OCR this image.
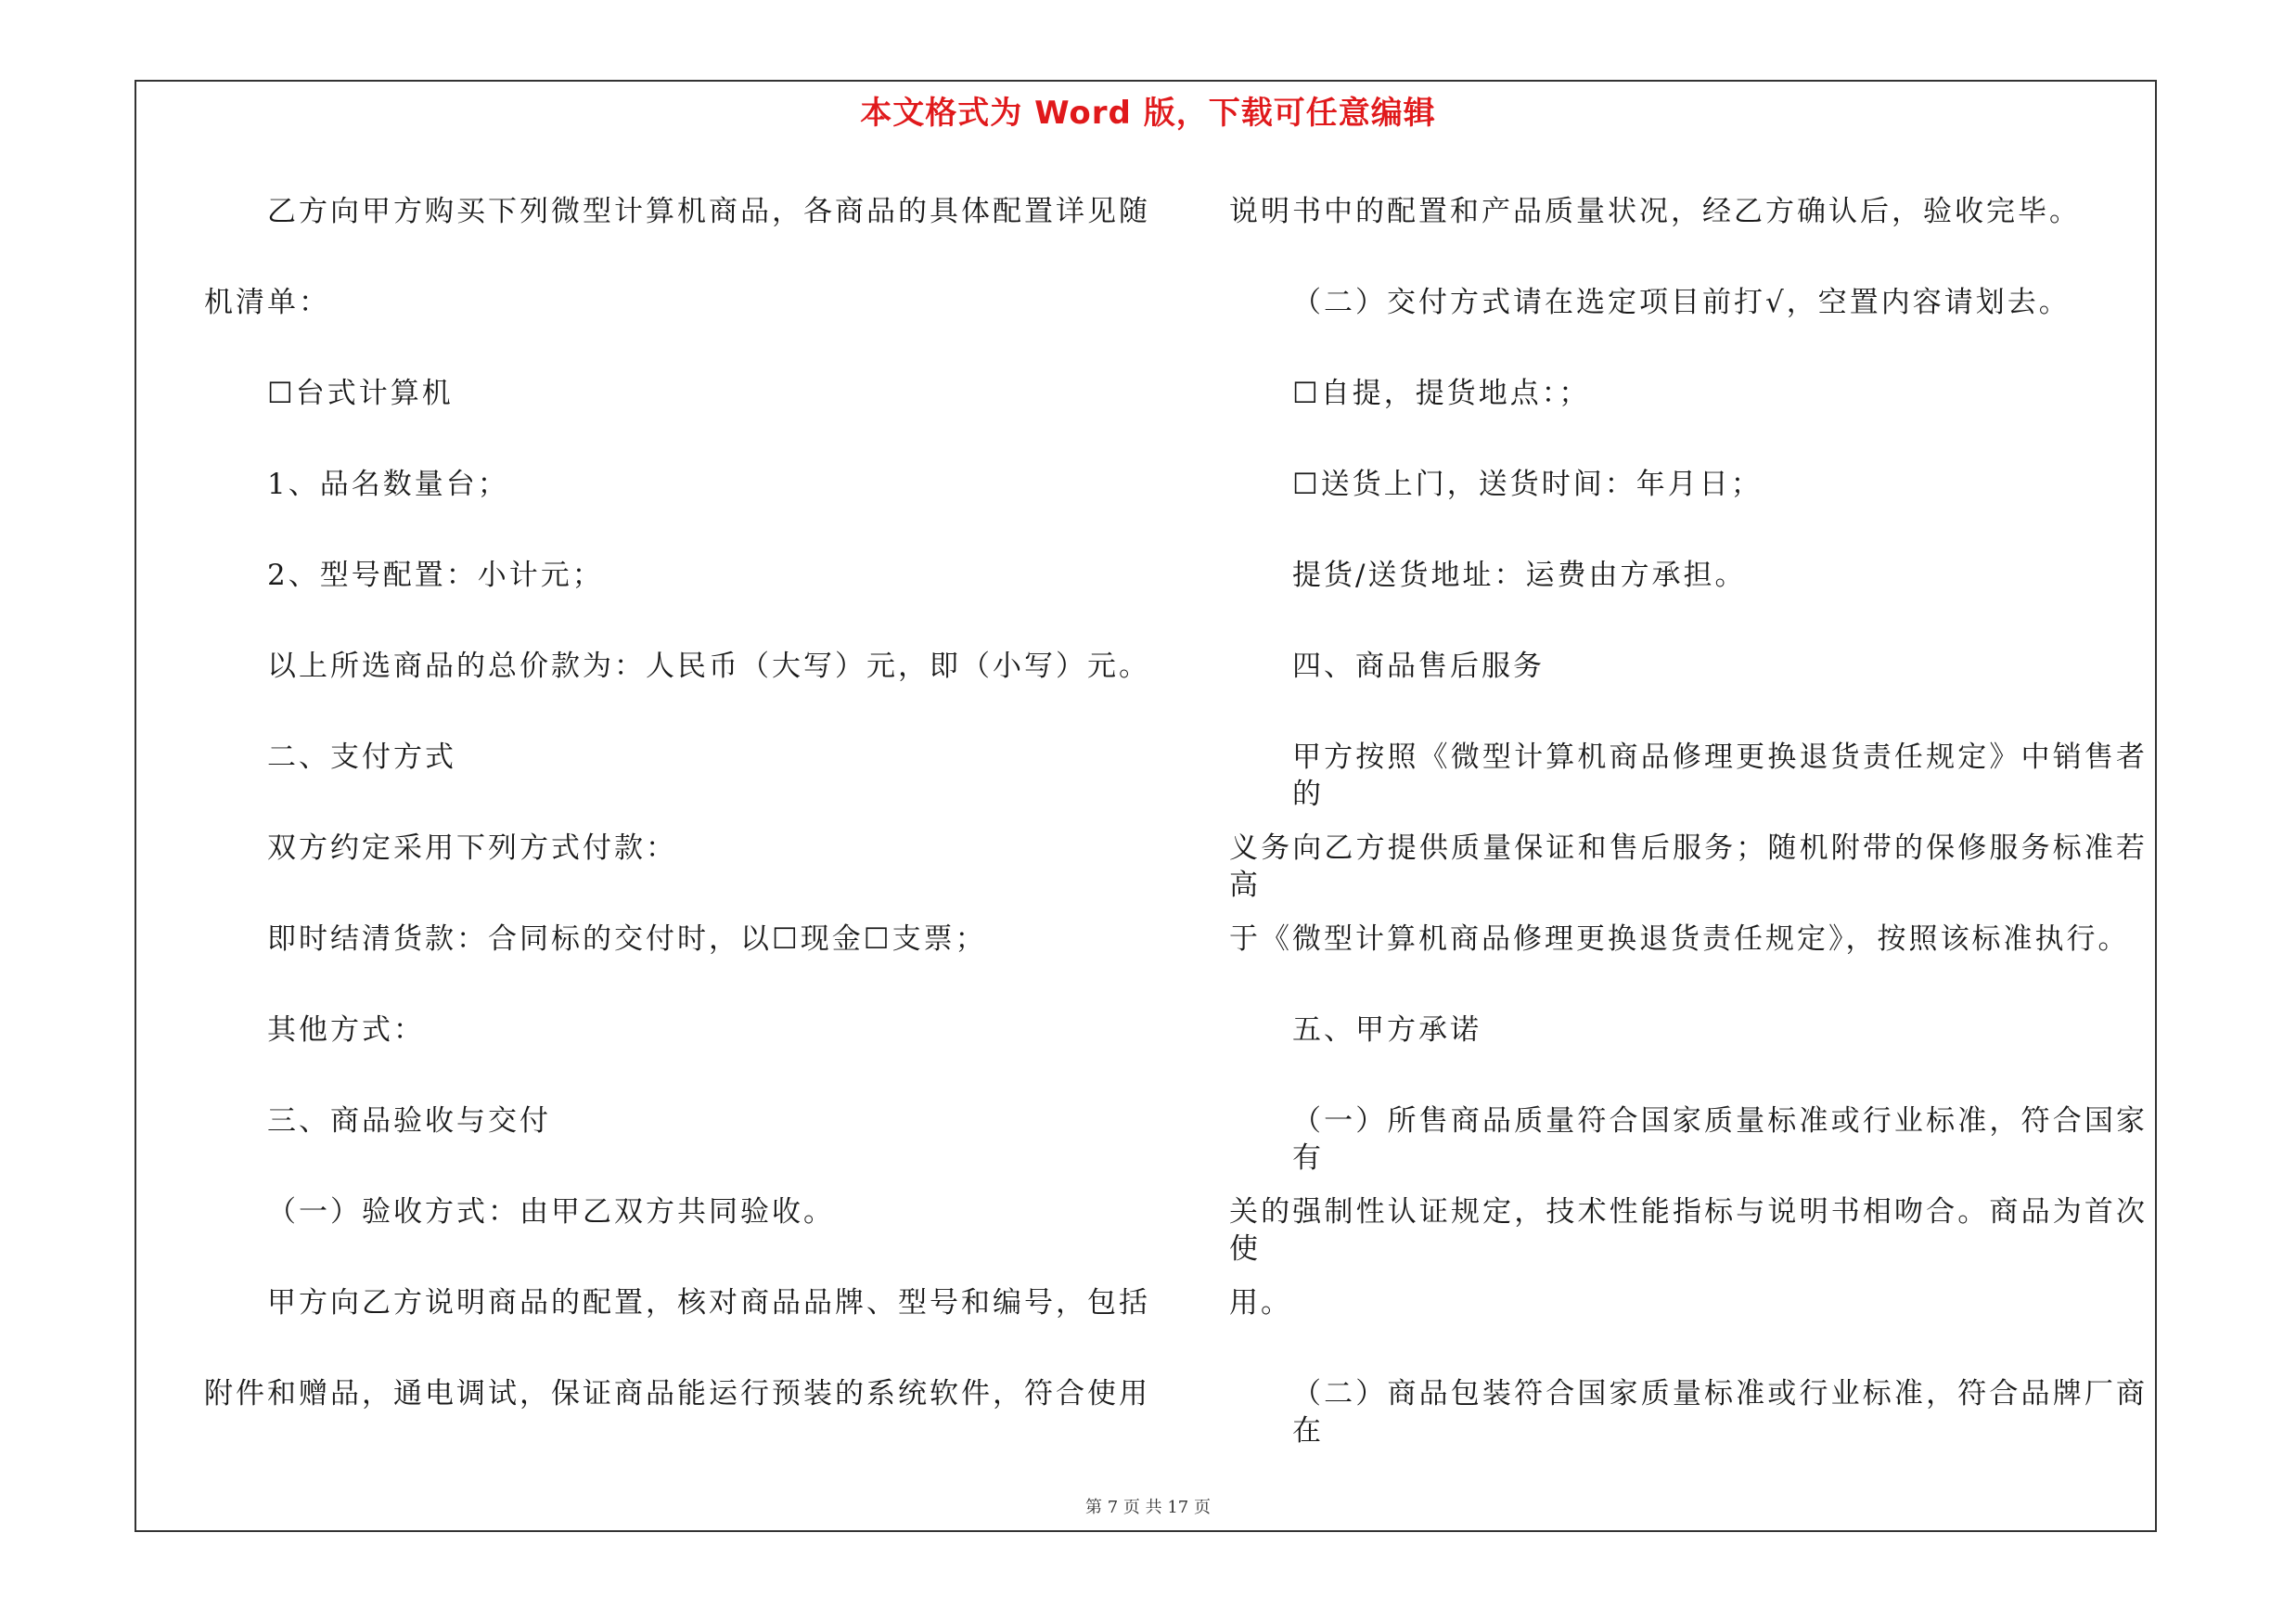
本文格式为 Word 版，下载可任意编辑
乙方向甲方购买下列微型计算机商品，各商品的具体配置详见随
机清单：
☐台式计算机
1、品名数量台；
2、型号配置：小计元；
以上所选商品的总价款为：人民币（大写）元，即（小写）元。
二、支付方式
双方约定采用下列方式付款：
即时结清货款：合同标的交付时，以☐现金☐支票；
其他方式：
三、商品验收与交付
（一）验收方式：由甲乙双方共同验收。
甲方向乙方说明商品的配置，核对商品品牌、型号和编号，包括
附件和赠品，通电调试，保证商品能运行预装的系统软件，符合使用
说明书中的配置和产品质量状况，经乙方确认后，验收完毕。
（二）交付方式请在选定项目前打√，空置内容请划去。
☐自提，提货地点：；
☐送货上门，送货时间：年月日；
提货/送货地址：运费由方承担。
四、商品售后服务
甲方按照《微型计算机商品修理更换退货责任规定》中销售者的
义务向乙方提供质量保证和售后服务；随机附带的保修服务标准若高
于《微型计算机商品修理更换退货责任规定》，按照该标准执行。
五、甲方承诺
（一）所售商品质量符合国家质量标准或行业标准，符合国家有
关的强制性认证规定，技术性能指标与说明书相吻合。商品为首次使
用。
（二）商品包装符合国家质量标准或行业标准，符合品牌厂商在
第 7 页 共 17 页
